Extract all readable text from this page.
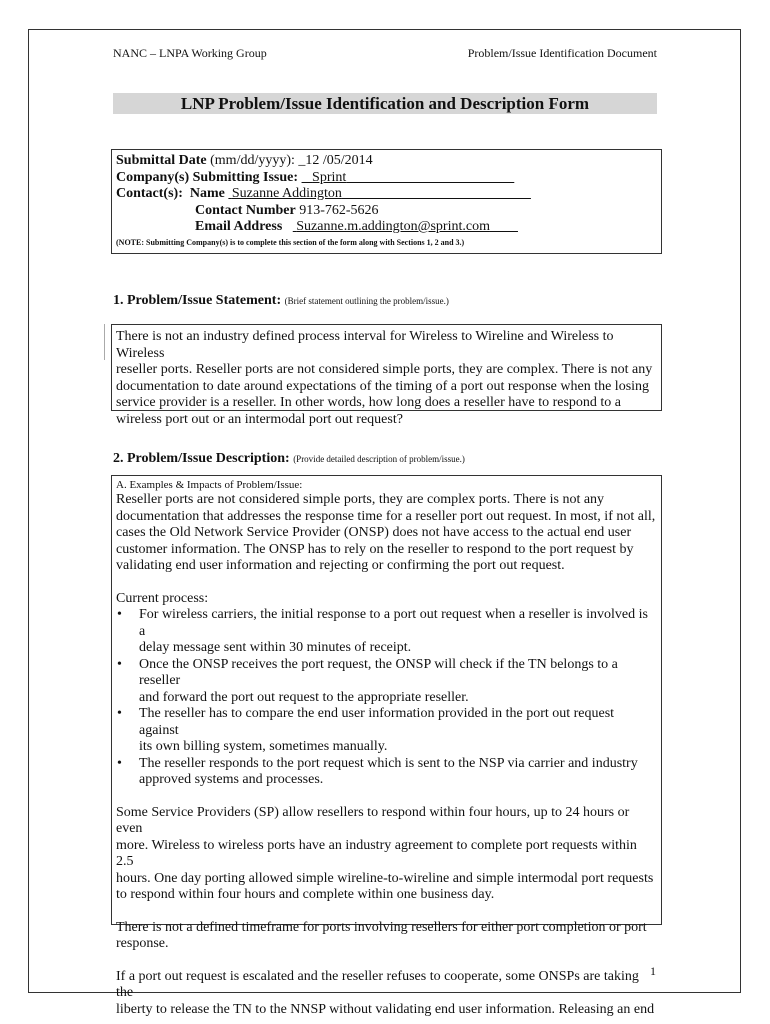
NANC – LNPA Working Group	Problem/Issue Identification Document
LNP Problem/Issue Identification and Description Form
Submittal Date (mm/dd/yyyy): _12 /05/2014
Company(s) Submitting Issue: Sprint
Contact(s): Name Suzanne Addington
Contact Number 913-762-5626
Email Address Suzanne.m.addington@sprint.com
(NOTE: Submitting Company(s) is to complete this section of the form along with Sections 1, 2 and 3.)
1. Problem/Issue Statement: (Brief statement outlining the problem/issue.)
There is not an industry defined process interval for Wireless to Wireline and Wireless to Wireless
reseller ports. Reseller ports are not considered simple ports, they are complex. There is not any
documentation to date around expectations of the timing of a port out response when the losing
service provider is a reseller. In other words, how long does a reseller have to respond to a
wireless port out or an intermodal port out request?
2. Problem/Issue Description: (Provide detailed description of problem/issue.)
A. Examples & Impacts of Problem/Issue:

Reseller ports are not considered simple ports, they are complex ports. There is not any
documentation that addresses the response time for a reseller port out request. In most, if not all,
cases the Old Network Service Provider (ONSP) does not have access to the actual end user
customer information. The ONSP has to rely on the reseller to respond to the port request by
validating end user information and rejecting or confirming the port out request.

Current process:
• For wireless carriers, the initial response to a port out request when a reseller is involved is a
delay message sent within 30 minutes of receipt.
• Once the ONSP receives the port request, the ONSP will check if the TN belongs to a reseller
and forward the port out request to the appropriate reseller.
• The reseller has to compare the end user information provided in the port out request against
its own billing system, sometimes manually.
• The reseller responds to the port request which is sent to the NSP via carrier and industry
approved systems and processes.

Some Service Providers (SP) allow resellers to respond within four hours, up to 24 hours or even
more. Wireless to wireless ports have an industry agreement to complete port requests within 2.5
hours. One day porting allowed simple wireline-to-wireline and simple intermodal port requests
to respond within four hours and complete within one business day.

There is not a defined timeframe for ports involving resellers for either port completion or port
response.

If a port out request is escalated and the reseller refuses to cooperate, some ONSPs are taking the
liberty to release the TN to the NNSP without validating end user information. Releasing an end

1
